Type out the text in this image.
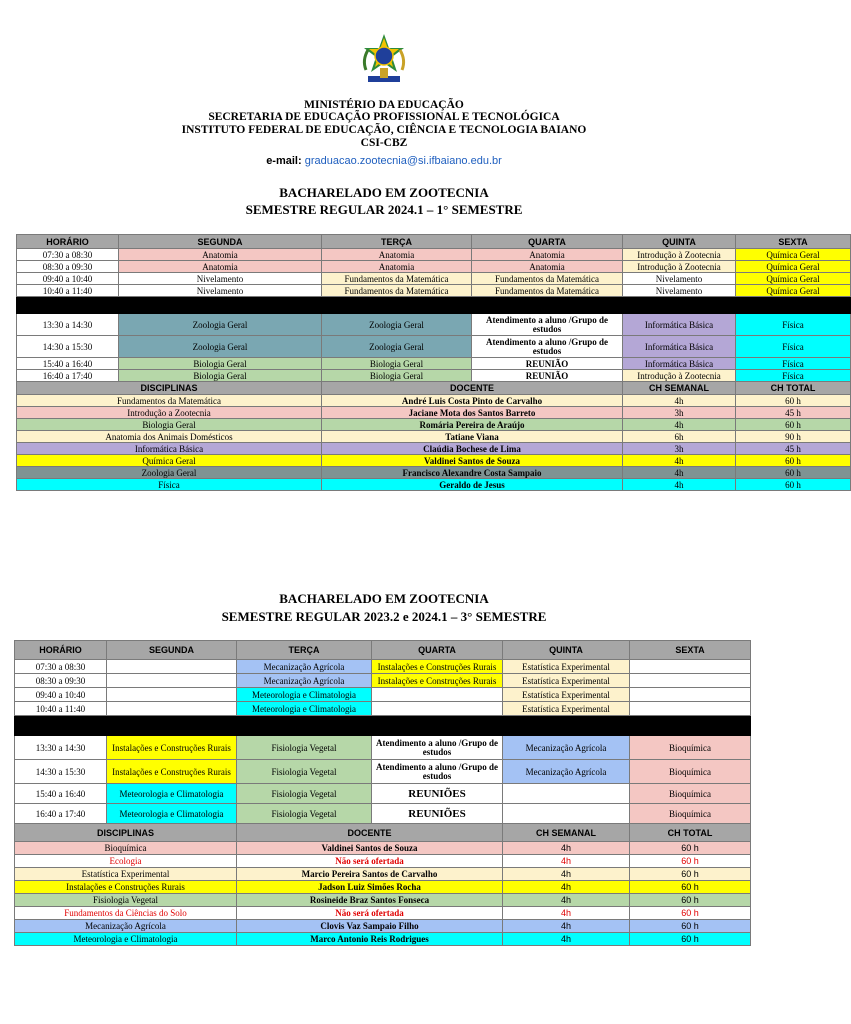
MINISTÉRIO DA EDUCAÇÃO
SECRETARIA DE EDUCAÇÃO PROFISSIONAL E TECNOLÓGICA
INSTITUTO FEDERAL DE EDUCAÇÃO, CIÊNCIA E TECNOLOGIA BAIANO
CSI-CBZ
e-mail: graduacao.zootecnia@si.ifbaiano.edu.br
BACHARELADO EM ZOOTECNIA
SEMESTRE REGULAR 2024.1 – 1° SEMESTRE
HORÁRIO	SEGUNDA	TERÇA	QUARTA	QUINTA	SEXTA
07:30 a 08:30	Anatomia	Anatomia	Anatomia	Introdução à Zootecnia	Química Geral
08:30 a 09:30	Anatomia	Anatomia	Anatomia	Introdução à Zootecnia	Química Geral
09:40 a 10:40	Nivelamento	Fundamentos da Matemática	Fundamentos da Matemática	Nivelamento	Química Geral
10:40 a 11:40	Nivelamento	Fundamentos da Matemática	Fundamentos da Matemática	Nivelamento	Química Geral

13:30 a 14:30	Zoologia Geral	Zoologia Geral	Atendimento a aluno /Grupo de estudos	Informática Básica	Física
14:30 a 15:30	Zoologia Geral	Zoologia Geral	Atendimento a aluno /Grupo de estudos	Informática Básica	Física
15:40 a 16:40	Biologia Geral	Biologia Geral	REUNIÃO	Informática Básica	Física
16:40 a 17:40	Biologia Geral	Biologia Geral	REUNIÃO	Introdução à Zootecnia	Física
DISCIPLINAS		DOCENTE		CH SEMANAL	CH TOTAL
Fundamentos da Matemática		André Luis Costa Pinto de Carvalho		4h	60 h
Introdução a Zootecnia		Jaciane Mota dos Santos Barreto		3h	45 h
Biologia Geral		Romária Pereira de Araújo		4h	60 h
Anatomia dos Animais Domésticos		Tatiane Viana		6h	90 h
Informática Básica		Claúdia Bochese de Lima		3h	45 h
Química Geral		Valdinei Santos de Souza		4h	60 h
Zoologia Geral		Francisco Alexandre Costa Sampaio		4h	60 h
Física		Geraldo de Jesus		4h	60 h
BACHARELADO EM ZOOTECNIA
SEMESTRE REGULAR 2023.2 e 2024.1 – 3° SEMESTRE
HORÁRIO	SEGUNDA	TERÇA	QUARTA	QUINTA	SEXTA
07:30 a 08:30		Mecanização Agrícola	Instalações e Construções Rurais	Estatística Experimental	
08:30 a 09:30		Mecanização Agrícola	Instalações e Construções Rurais	Estatística Experimental	
09:40 a 10:40		Meteorologia e Climatologia		Estatística Experimental	
10:40 a 11:40		Meteorologia e Climatologia		Estatística Experimental	

13:30 a 14:30	Instalações e Construções Rurais	Fisiologia Vegetal	Atendimento a aluno /Grupo de estudos	Mecanização Agrícola	Bioquímica
14:30 a 15:30	Instalações e Construções Rurais	Fisiologia Vegetal	Atendimento a aluno /Grupo de estudos	Mecanização Agrícola	Bioquímica
15:40 a 16:40	Meteorologia e Climatologia	Fisiologia Vegetal	REUNIÕES		Bioquímica
16:40 a 17:40	Meteorologia e Climatologia	Fisiologia Vegetal	REUNIÕES		Bioquímica
DISCIPLINAS		DOCENTE		CH SEMANAL	CH TOTAL
Bioquímica		Valdinei Santos de Souza		4h	60 h
Ecologia		Não será ofertada		4h	60 h
Estatística Experimental		Marcio Pereira Santos de Carvalho		4h	60 h
Instalações e Construções Rurais		Jadson Luiz Simões Rocha		4h	60 h
Fisiologia Vegetal		Rosineide Braz Santos Fonseca		4h	60 h
Fundamentos da Ciências do Solo		Não será ofertada		4h	60 h
Mecanização Agrícola		Clovis Vaz Sampaio Filho		4h	60 h
Meteorologia e Climatologia		Marco Antonio Reis Rodrigues		4h	60 h
